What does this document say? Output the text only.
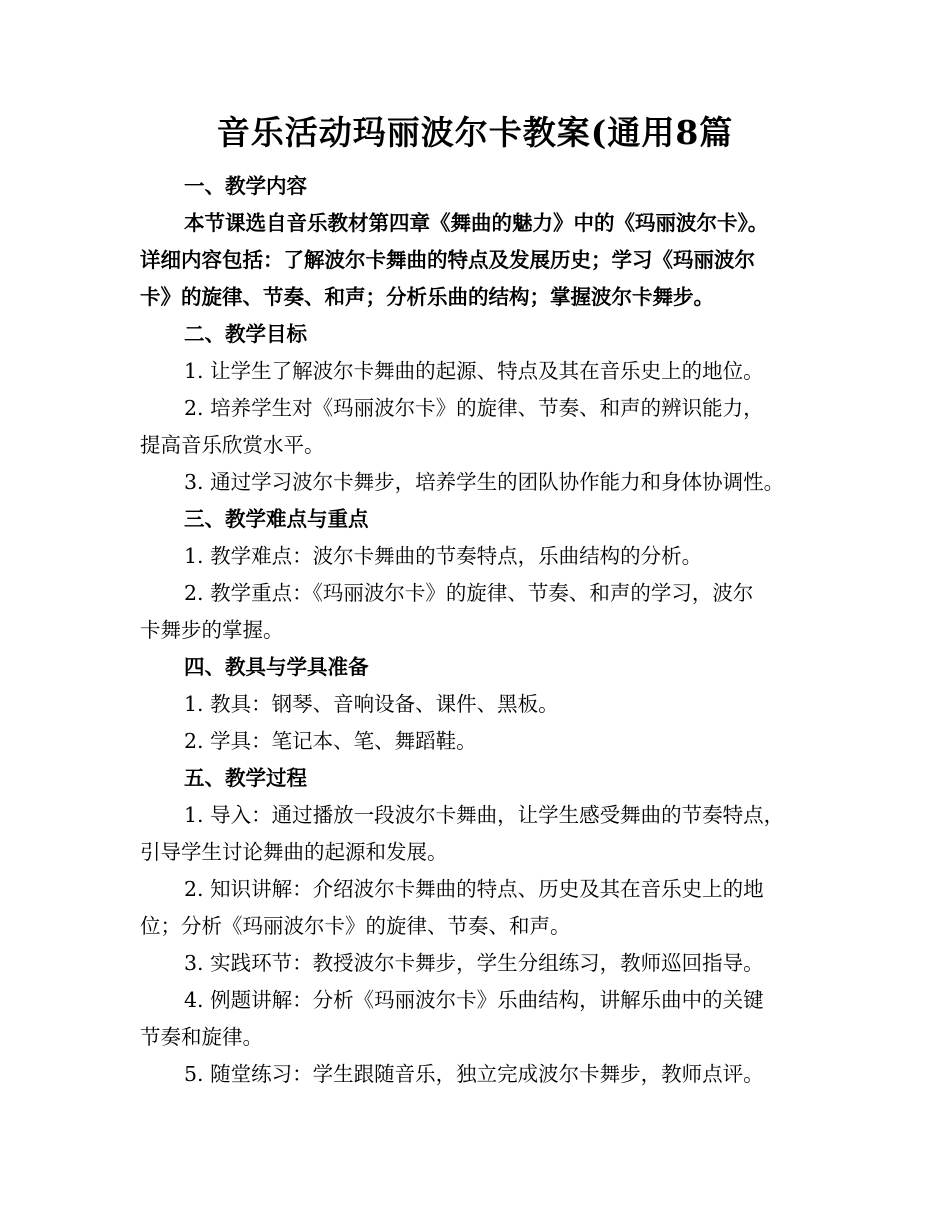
音乐活动玛丽波尔卡教案(通用8篇
一、教学内容
本节课选自音乐教材第四章《舞曲的魅力》中的《玛丽波尔卡》。
详细内容包括：了解波尔卡舞曲的特点及发展历史；学习《玛丽波尔
卡》的旋律、节奏、和声；分析乐曲的结构；掌握波尔卡舞步。
二、教学目标
1. 让学生了解波尔卡舞曲的起源、特点及其在音乐史上的地位。
2. 培养学生对《玛丽波尔卡》的旋律、节奏、和声的辨识能力，
提高音乐欣赏水平。
3. 通过学习波尔卡舞步，培养学生的团队协作能力和身体协调性。
三、教学难点与重点
1. 教学难点：波尔卡舞曲的节奏特点，乐曲结构的分析。
2. 教学重点：《玛丽波尔卡》的旋律、节奏、和声的学习，波尔
卡舞步的掌握。
四、教具与学具准备
1. 教具：钢琴、音响设备、课件、黑板。
2. 学具：笔记本、笔、舞蹈鞋。
五、教学过程
1. 导入：通过播放一段波尔卡舞曲，让学生感受舞曲的节奏特点，
引导学生讨论舞曲的起源和发展。
2. 知识讲解：介绍波尔卡舞曲的特点、历史及其在音乐史上的地
位；分析《玛丽波尔卡》的旋律、节奏、和声。
3. 实践环节：教授波尔卡舞步，学生分组练习，教师巡回指导。
4. 例题讲解：分析《玛丽波尔卡》乐曲结构，讲解乐曲中的关键
节奏和旋律。
5. 随堂练习：学生跟随音乐，独立完成波尔卡舞步，教师点评。
